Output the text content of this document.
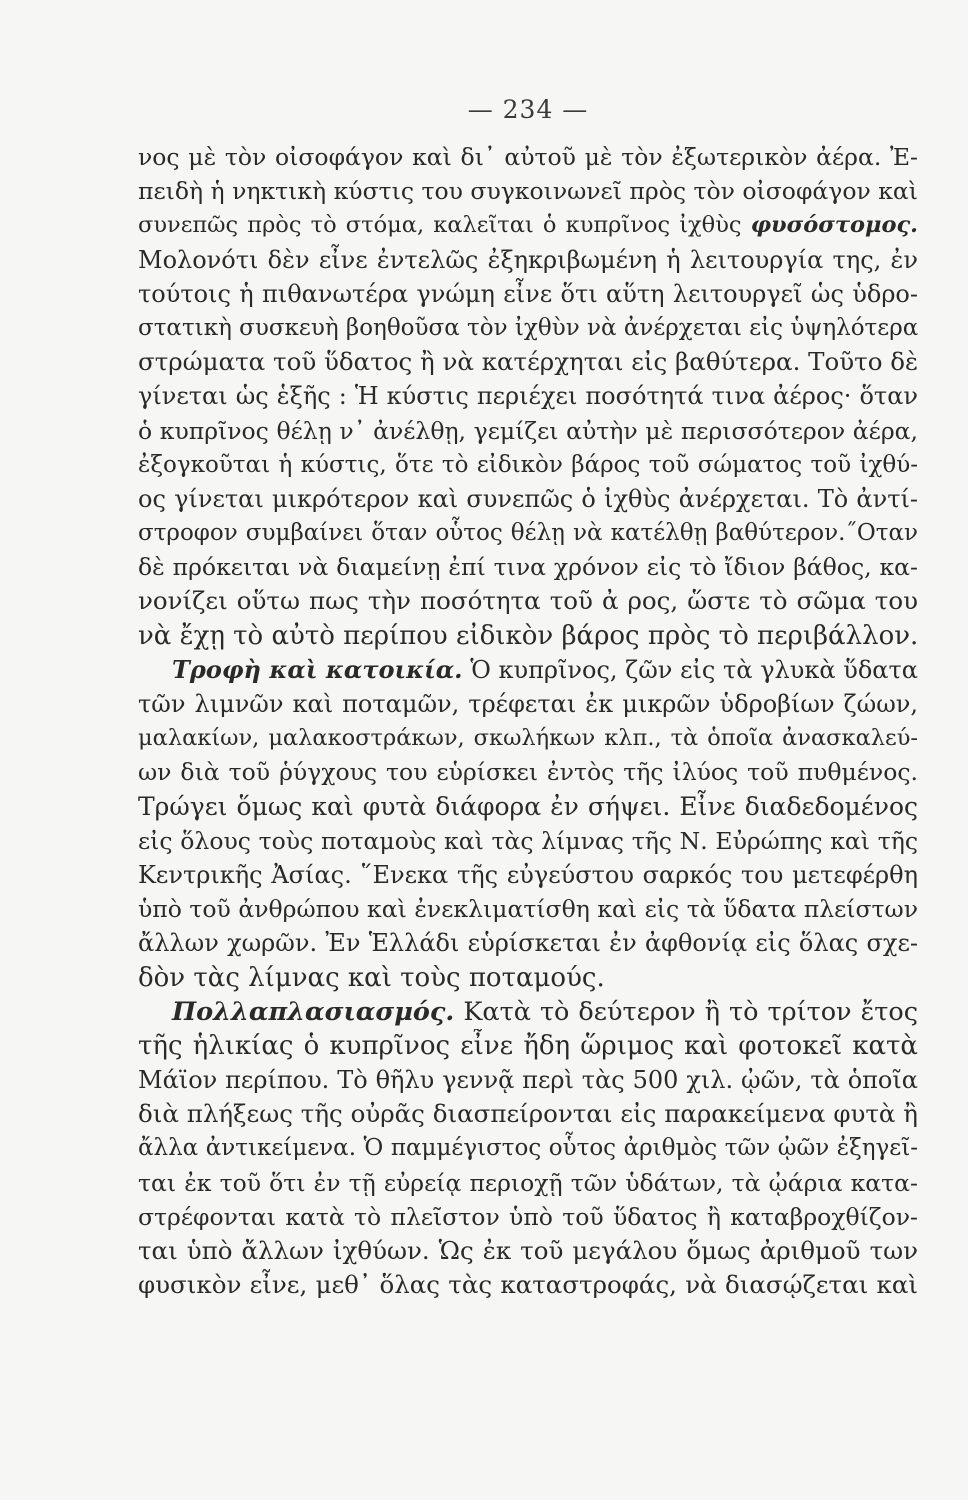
— 234 —
νος μὲ τὸν οἰσοφάγον καὶ δι᾿ αὐτοῦ μὲ τὸν ἐξωτερικὸν ἀέρα. Ἐ-
πειδὴ ἡ νηκτικὴ κύστις του συγκοινωνεῖ πρὸς τὸν οἰσοφάγον καὶ
συνεπῶς πρὸς τὸ στόμα, καλεῖται ὁ κυπρῖνος ἰχθὺς φυσόστομος.
Μολονότι δὲν εἶνε ἐντελῶς ἐξηκριβωμένη ἡ λειτουργία της, ἐν
τούτοις ἡ πιθανωτέρα γνώμη εἶνε ὅτι αὕτη λειτουργεῖ ὡς ὑδρο-
στατικὴ συσκευὴ βοηθοῦσα τὸν ἰχθὺν νὰ ἀνέρχεται εἰς ὑψηλότερα
στρώματα τοῦ ὕδατος ἢ νὰ κατέρχηται εἰς βαθύτερα. Τοῦτο δὲ
γίνεται ὡς ἑξῆς : Ἡ κύστις περιέχει ποσότητά τινα ἀέρος· ὅταν
ὁ κυπρῖνος θέλῃ ν᾿ ἀνέλθῃ, γεμίζει αὐτὴν μὲ περισσότερον ἀέρα,
ἐξογκοῦται ἡ κύστις, ὅτε τὸ εἰδικὸν βάρος τοῦ σώματος τοῦ ἰχθύ-
ος γίνεται μικρότερον καὶ συνεπῶς ὁ ἰχθὺς ἀνέρχεται. Τὸ ἀντί-
στροφον συμβαίνει ὅταν οὗτος θέλῃ νὰ κατέλθῃ βαθύτερον.˝Οταν
δὲ πρόκειται νὰ διαμείνῃ ἐπί τινα χρόνον εἰς τὸ ἴδιον βάθος, κα-
νονίζει οὕτω πως τὴν ποσότητα τοῦ ἀ ρος, ὥστε τὸ σῶμα του
νὰ ἔχῃ τὸ αὐτὸ περίπου εἰδικὸν βάρος πρὸς τὸ περιβάλλον.
Τροφὴ καὶ κατοικία. Ὁ κυπρῖνος, ζῶν εἰς τὰ γλυκὰ ὕδατα
τῶν λιμνῶν καὶ ποταμῶν, τρέφεται ἐκ μικρῶν ὑδροβίων ζώων,
μαλακίων, μαλακοστράκων, σκωλήκων κλπ., τὰ ὁποῖα ἀνασκαλεύ-
ων διὰ τοῦ ῥύγχους του εὑρίσκει ἐντὸς τῆς ἰλύος τοῦ πυθμένος.
Τρώγει ὅμως καὶ φυτὰ διάφορα ἐν σήψει. Εἶνε διαδεδομένος
εἰς ὅλους τοὺς ποταμοὺς καὶ τὰς λίμνας τῆς Ν. Εὐρώπης καὶ τῆς
Κεντρικῆς Ἀσίας. ῞Ενεκα τῆς εὐγεύστου σαρκός του μετεφέρθη
ὑπὸ τοῦ ἀνθρώπου καὶ ἐνεκλιματίσθη καὶ εἰς τὰ ὕδατα πλείστων
ἄλλων χωρῶν. Ἐν Ἑλλάδι εὑρίσκεται ἐν ἀφθονίᾳ εἰς ὅλας σχε-
δὸν τὰς λίμνας καὶ τοὺς ποταμούς.
Πολλαπλασιασμός. Κατὰ τὸ δεύτερον ἢ τὸ τρίτον ἔτος
τῆς ἡλικίας ὁ κυπρῖνος εἶνε ἤδη ὥριμος καὶ φοτοκεῖ κατὰ
Μάϊον περίπου. Τὸ θῆλυ γεννᾷ περὶ τὰς 500 χιλ. ᾠῶν, τὰ ὁποῖα
διὰ πλήξεως τῆς οὐρᾶς διασπείρονται εἰς παρακείμενα φυτὰ ἢ
ἄλλα ἀντικείμενα. Ὁ παμμέγιστος οὗτος ἀριθμὸς τῶν ᾠῶν ἐξηγεῖ-
ται ἐκ τοῦ ὅτι ἐν τῇ εὐρείᾳ περιοχῇ τῶν ὑδάτων, τὰ ᾠάρια κατα-
στρέφονται κατὰ τὸ πλεῖστον ὑπὸ τοῦ ὕδατος ἢ καταβροχθίζον-
ται ὑπὸ ἄλλων ἰχθύων. Ὡς ἐκ τοῦ μεγάλου ὅμως ἀριθμοῦ των
φυσικὸν εἶνε, μεθ᾿ ὅλας τὰς καταστροφάς, νὰ διασῴζεται καὶ
